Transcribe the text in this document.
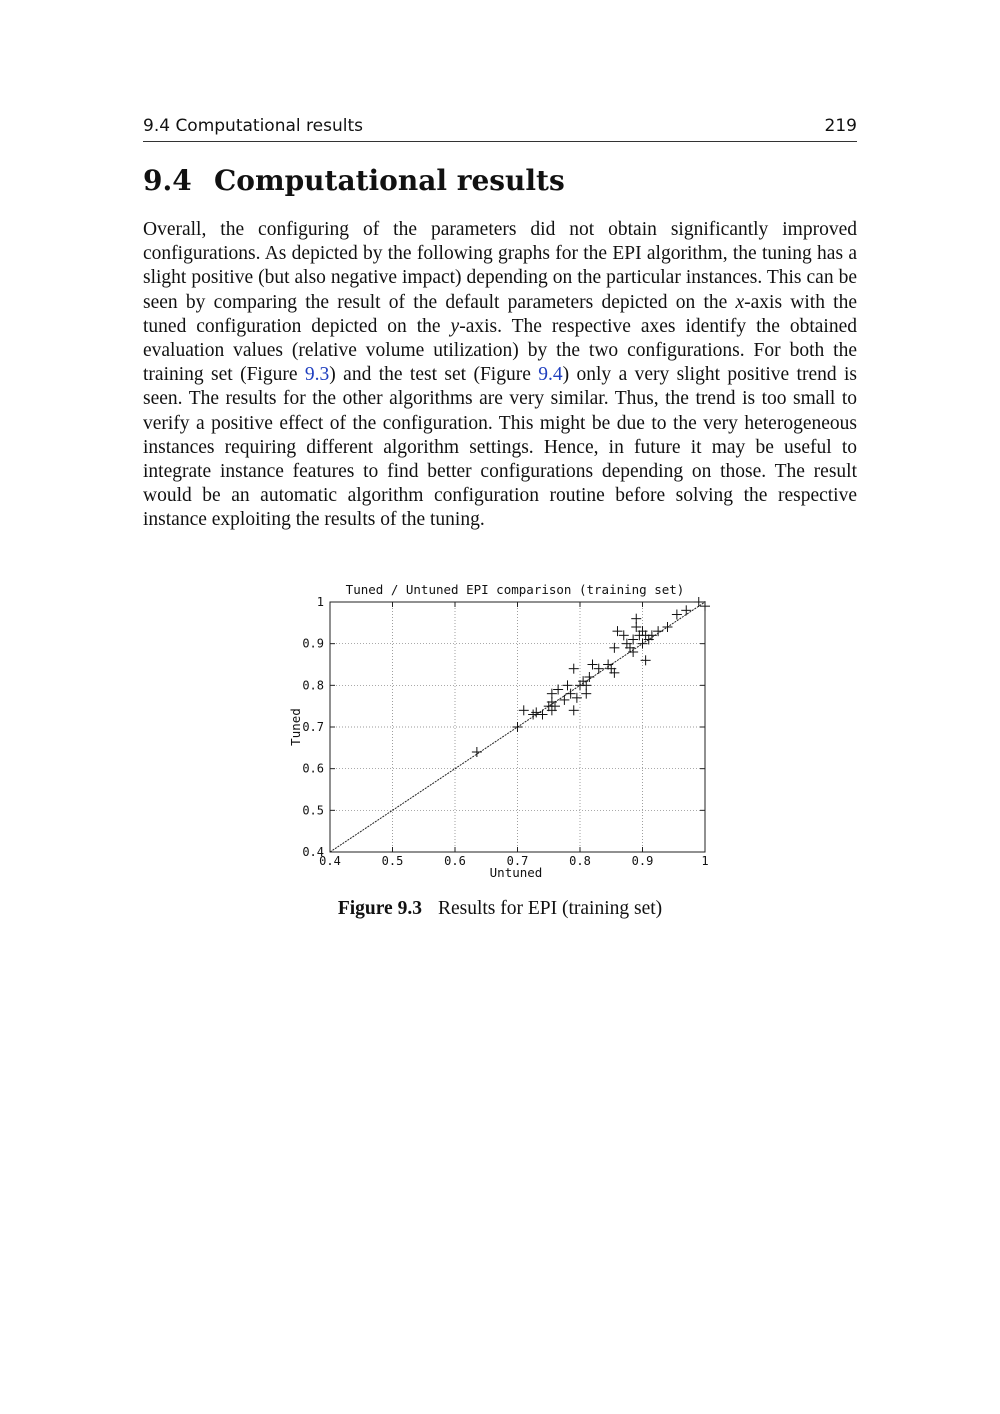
9.4 Computational results	219
9.4 Computational results

Overall, the configuring of the parameters did not obtain significantly improved configurations. As depicted by the following graphs for the EPI algorithm, the tuning has a slight positive (but also negative impact) depending on the particular instances. This can be seen by comparing the result of the default parameters depicted on the x-axis with the tuned configuration depicted on the y-axis. The respective axes identify the obtained evaluation values (relative volume utilization) by the two configurations. For both the training set (Figure 9.3) and the test set (Figure 9.4) only a very slight positive trend is seen. The results for the other algorithms are very similar. Thus, the trend is too small to verify a positive effect of the configuration. This might be due to the very heterogeneous instances requiring different algorithm settings. Hence, in future it may be useful to integrate instance features to find better configurations depending on those. The result would be an automatic algorithm configuration routine before solving the respective instance exploiting the results of the tuning.

Tuned / Untuned EPI comparison (training set)
0.4	0.5	0.6	0.7	0.8	0.9	1
0.4
0.5
0.6
0.7
0.8
0.9
1
Untuned
Tuned
Figure 9.3 Results for EPI (training set)
